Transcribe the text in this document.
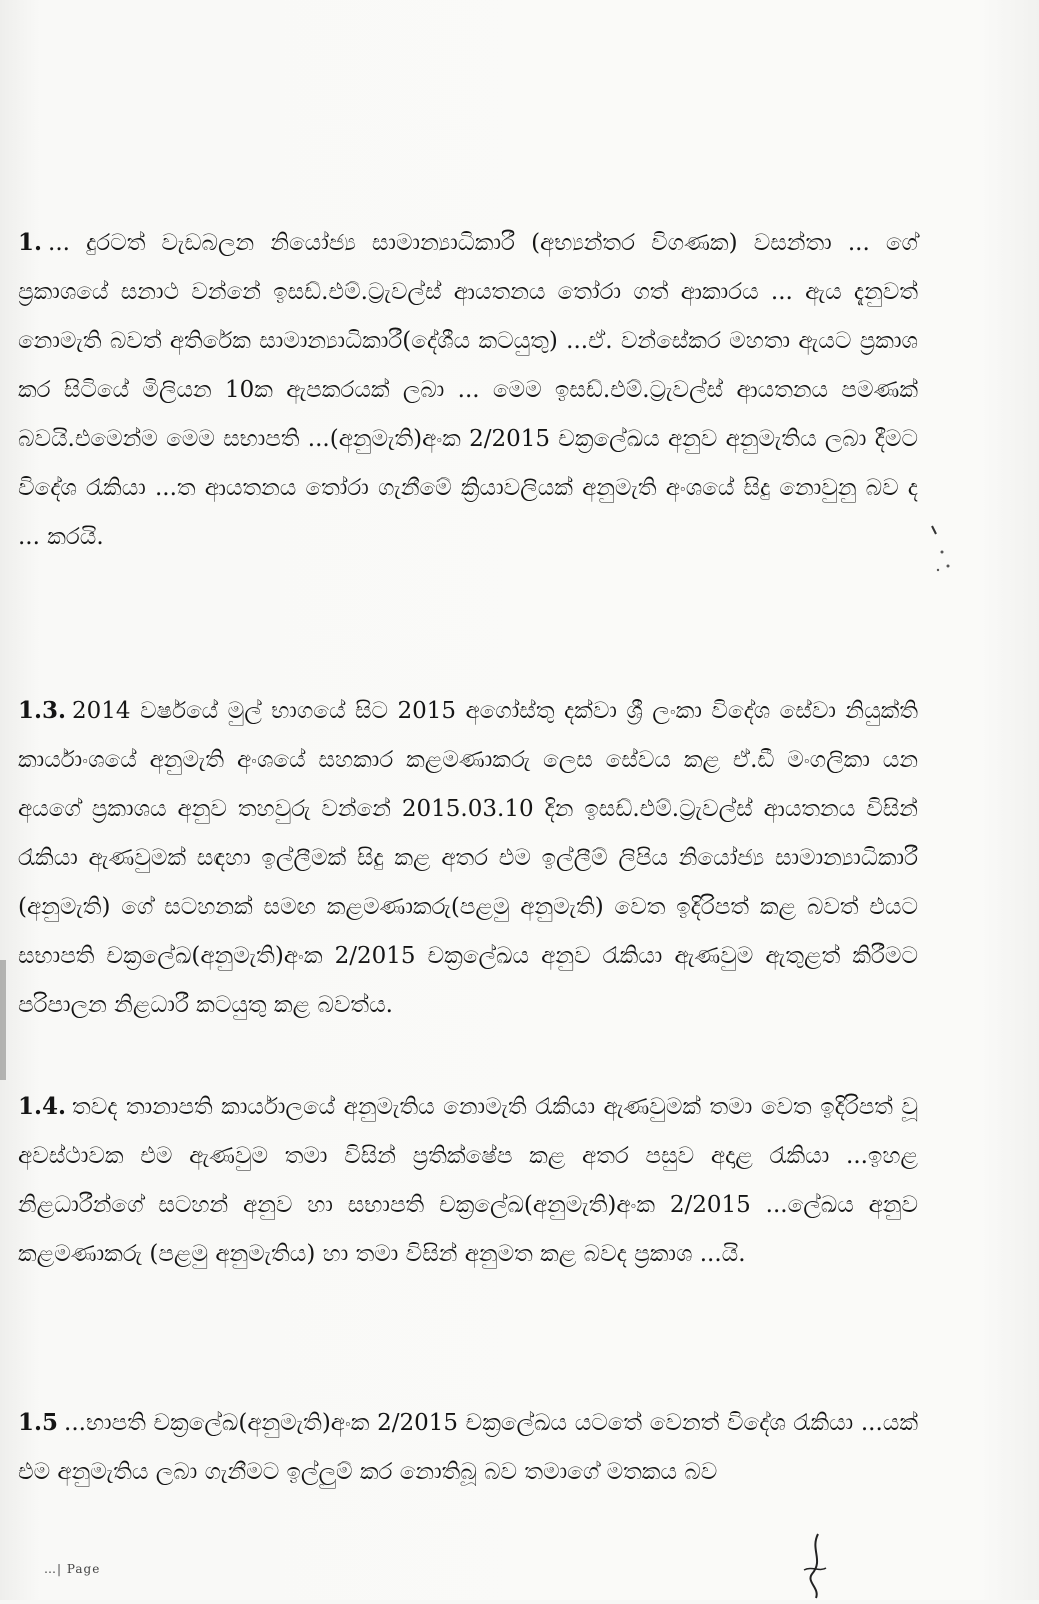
1. ... දුරටත් වැඩබලන නියෝජ්‍ය සාමාන්‍යාධිකාරී (අභ්‍යන්තර විගණක) වසන්තා ... ගේ ප්‍රකාශයේ සනාථ වන්නේ ඉසඩ්.එම්.ට්‍රැවල්ස් ආයතනය තෝරා ගත් ආකාරය ... ඇය දැනුවත් නොමැති බවත් අතිරේක සාමාන්‍යාධිකාරී(දේශීය කටයුතු) ...ඒ. වන්සේකර මහතා ඇයට ප්‍රකාශ කර සිටියේ මිලියන 10ක ඇපකරයක් ලබා ... මෙම ඉසඩ්.එම්.ට්‍රැවල්ස් ආයතනය පමණක් බවයි.එමෙන්ම මෙම සභාපති ...(අනුමැති)අංක 2/2015 චක්‍රලේඛය අනුව අනුමැතිය ලබා දීමට විදේශ රැකියා ...ත ආයතනය තෝරා ගැනීමේ ක්‍රියාවලියක් අනුමැති අංශයේ සිදු නොවුනු බව ද ... කරයි.

1.3. 2014 වර්ෂයේ මුල් භාගයේ සිට 2015 අගෝස්තු දක්වා ශ්‍රී ලංකා විදේශ සේවා නියුක්ති කාර්යාංශයේ අනුමැති අංශයේ සහකාර කළමණාකරු ලෙස සේවය කළ ඒ.ඩී මංගලිකා යන අයගේ ප්‍රකාශය අනුව තහවුරු වන්නේ 2015.03.10 දින ඉසඩ්.එම්.ට්‍රැවල්ස් ආයතනය විසින් රැකියා ඇණවුමක් සඳහා ඉල්ලීමක් සිදු කළ අතර එම ඉල්ලීම් ලිපිය නියෝජ්‍ය සාමාන්‍යාධිකාරී (අනුමැති) ගේ සටහනක් සමඟ කළමණාකරු(පළමු අනුමැති) වෙත ඉදිරිපත් කළ බවත් එයට සභාපති චක්‍රලේඛ(අනුමැති)අංක 2/2015 චක්‍රලේඛය අනුව රැකියා ඇණවුම ඇතුළත් කිරීමට පරිපාලන නිළධාරී කටයුතු කළ බවත්ය.

1.4. තවද තානාපති කාර්යාලයේ අනුමැතිය නොමැති රැකියා ඇණවුමක් තමා වෙත ඉදිරිපත් වූ අවස්ථාවක එම ඇණවුම තමා විසින් ප්‍රතික්ෂේප කළ අතර පසුව අදාළ රැකියා ...ඉහළ නිළධාරීන්ගේ සටහන් අනුව හා සභාපති චක්‍රලේඛ(අනුමැති)අංක 2/2015 ...ලේඛය අනුව කළමණාකරු (පළමු අනුමැතිය) හා තමා විසින් අනුමත කළ බවද ප්‍රකාශ ...යි.

1.5 ...භාපති චක්‍රලේඛ(අනුමැති)අංක 2/2015 චක්‍රලේඛය යටතේ වෙනත් විදේශ රැකියා ...යක් එම අනුමැතිය ලබා ගැනීමට ඉල්ලුම් කර නොතිබූ බව තමාගේ මතකය බව

…| Page
